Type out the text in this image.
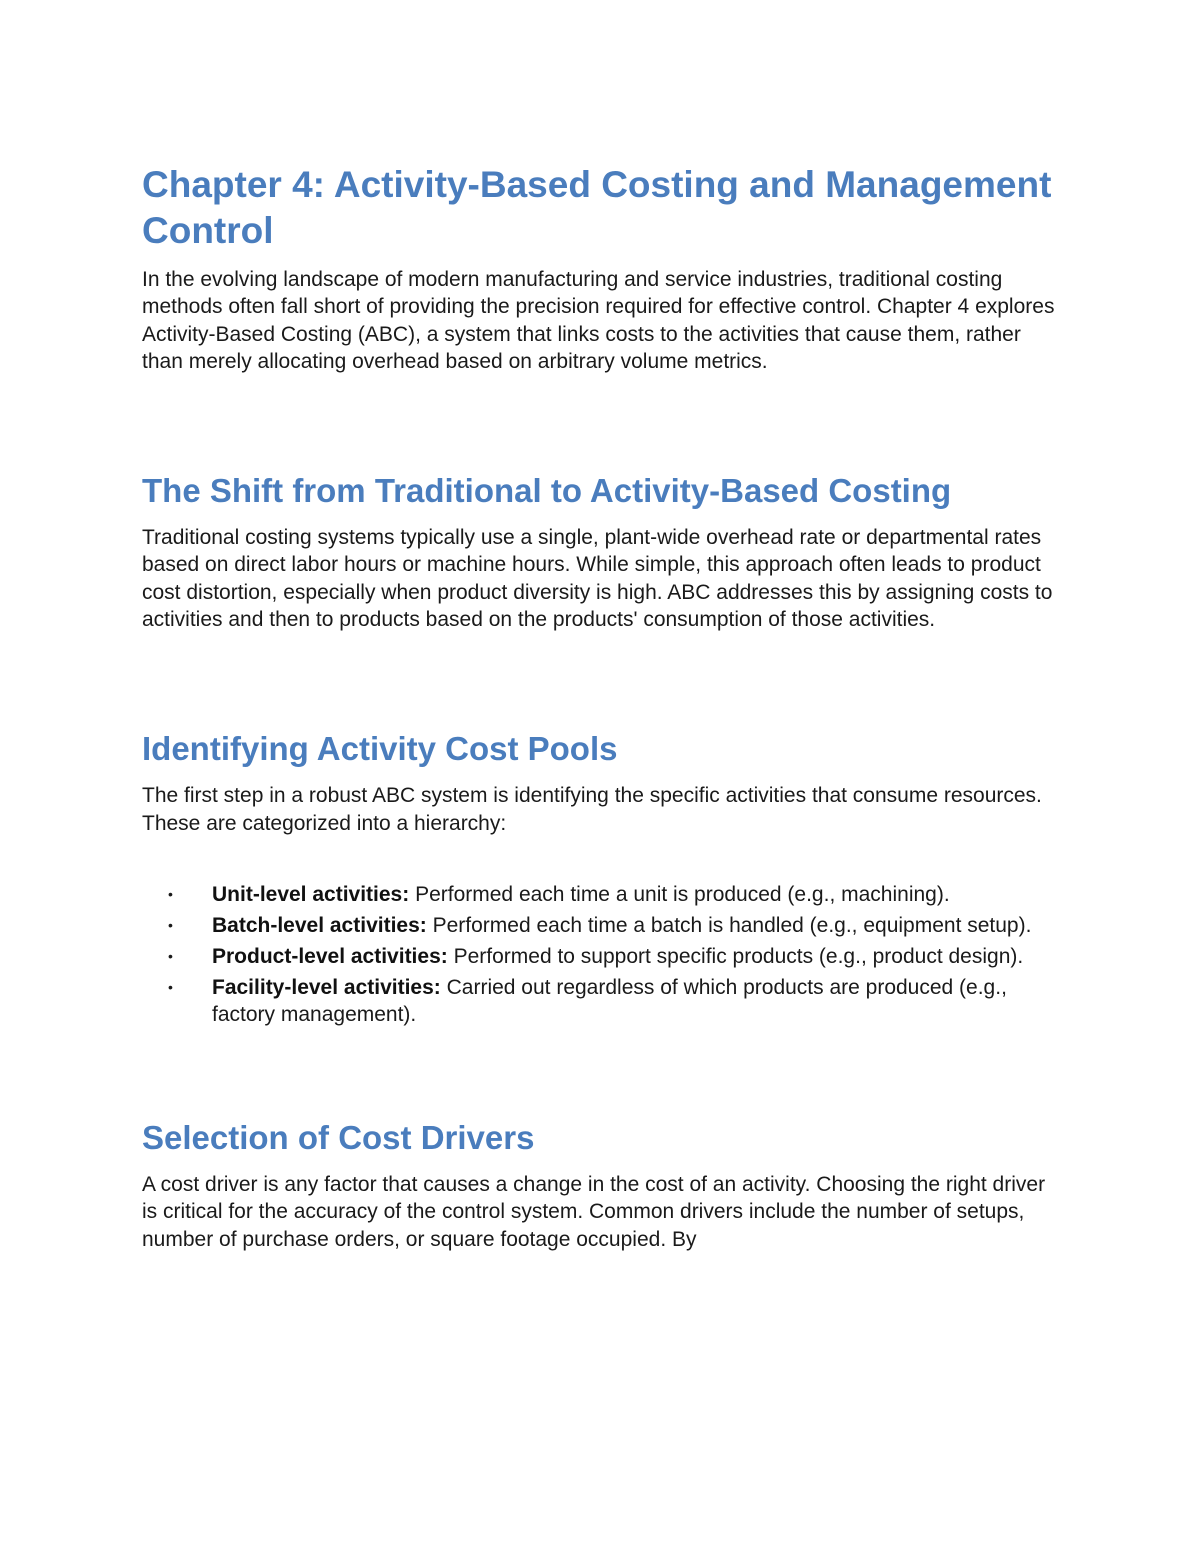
Chapter 4: Activity-Based Costing and Management Control

In the evolving landscape of modern manufacturing and service industries, traditional costing methods often fall short of providing the precision required for effective control. Chapter 4 explores Activity-Based Costing (ABC), a system that links costs to the activities that cause them, rather than merely allocating overhead based on arbitrary volume metrics.

The Shift from Traditional to Activity-Based Costing

Traditional costing systems typically use a single, plant-wide overhead rate or departmental rates based on direct labor hours or machine hours. While simple, this approach often leads to product cost distortion, especially when product diversity is high. ABC addresses this by assigning costs to activities and then to products based on the products' consumption of those activities.

Identifying Activity Cost Pools

The first step in a robust ABC system is identifying the specific activities that consume resources. These are categorized into a hierarchy:

• Unit-level activities: Performed each time a unit is produced (e.g., machining).
• Batch-level activities: Performed each time a batch is handled (e.g., equipment setup).
• Product-level activities: Performed to support specific products (e.g., product design).
• Facility-level activities: Carried out regardless of which products are produced (e.g., factory management).
Selection of Cost Drivers

A cost driver is any factor that causes a change in the cost of an activity. Choosing the right driver is critical for the accuracy of the control system. Common drivers include the number of setups, number of purchase orders, or square footage occupied. By
